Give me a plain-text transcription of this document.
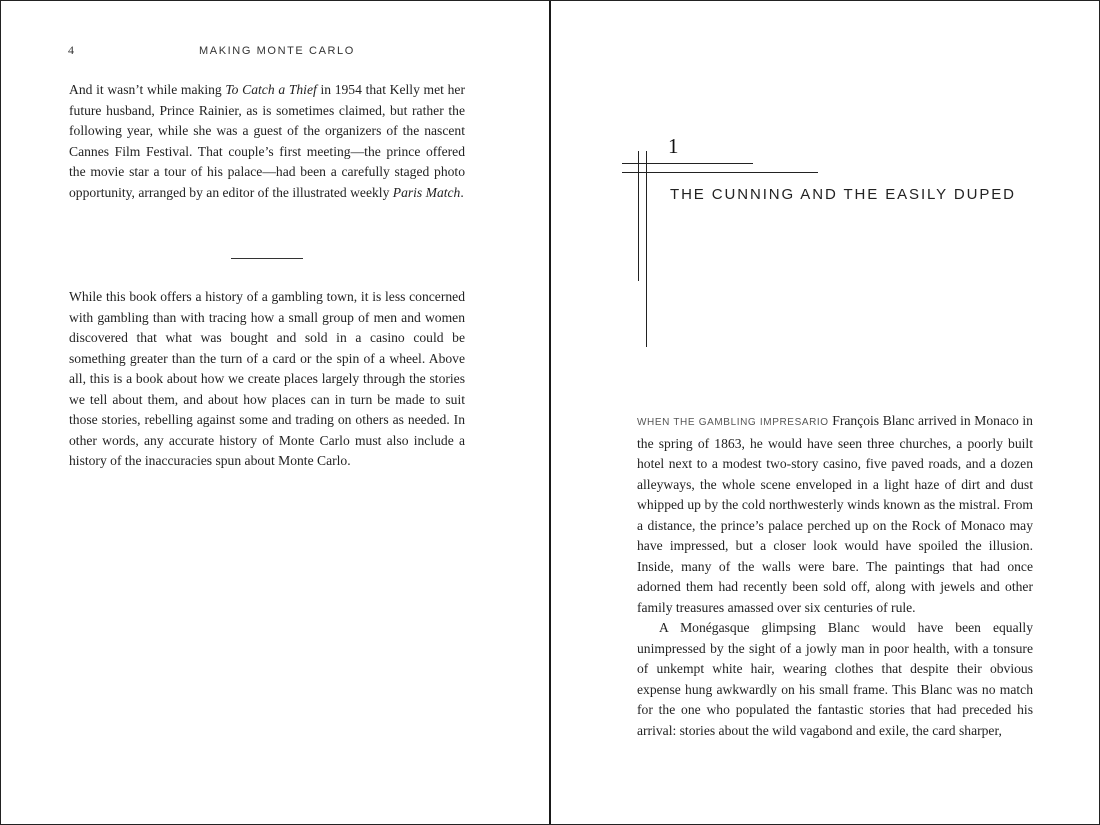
4	MAKING MONTE CARLO

And it wasn’t while making To Catch a Thief in 1954 that Kelly met her future husband, Prince Rainier, as is sometimes claimed, but rather the following year, while she was a guest of the organizers of the nascent Cannes Film Festival. That couple’s first meeting—the prince offered the movie star a tour of his palace—had been a carefully staged photo opportunity, arranged by an editor of the illustrated weekly Paris Match.

While this book offers a history of a gambling town, it is less concerned with gambling than with tracing how a small group of men and women discovered that what was bought and sold in a casino could be something greater than the turn of a card or the spin of a wheel. Above all, this is a book about how we create places largely through the stories we tell about them, and about how places can in turn be made to suit those stories, rebelling against some and trading on others as needed. In other words, any accurate history of Monte Carlo must also include a history of the inaccuracies spun about Monte Carlo.

1
THE CUNNING AND THE EASILY DUPED

WHEN THE GAMBLING IMPRESARIO François Blanc arrived in Monaco in the spring of 1863, he would have seen three churches, a poorly built hotel next to a modest two-story casino, five paved roads, and a dozen alleyways, the whole scene enveloped in a light haze of dirt and dust whipped up by the cold northwesterly winds known as the mistral. From a distance, the prince’s palace perched up on the Rock of Monaco may have impressed, but a closer look would have spoiled the illusion. Inside, many of the walls were bare. The paintings that had once adorned them had recently been sold off, along with jewels and other family treasures amassed over six centuries of rule.

A Monégasque glimpsing Blanc would have been equally unimpressed by the sight of a jowly man in poor health, with a tonsure of unkempt white hair, wearing clothes that despite their obvious expense hung awkwardly on his small frame. This Blanc was no match for the one who populated the fantastic stories that had preceded his arrival: stories about the wild vagabond and exile, the card sharper,
